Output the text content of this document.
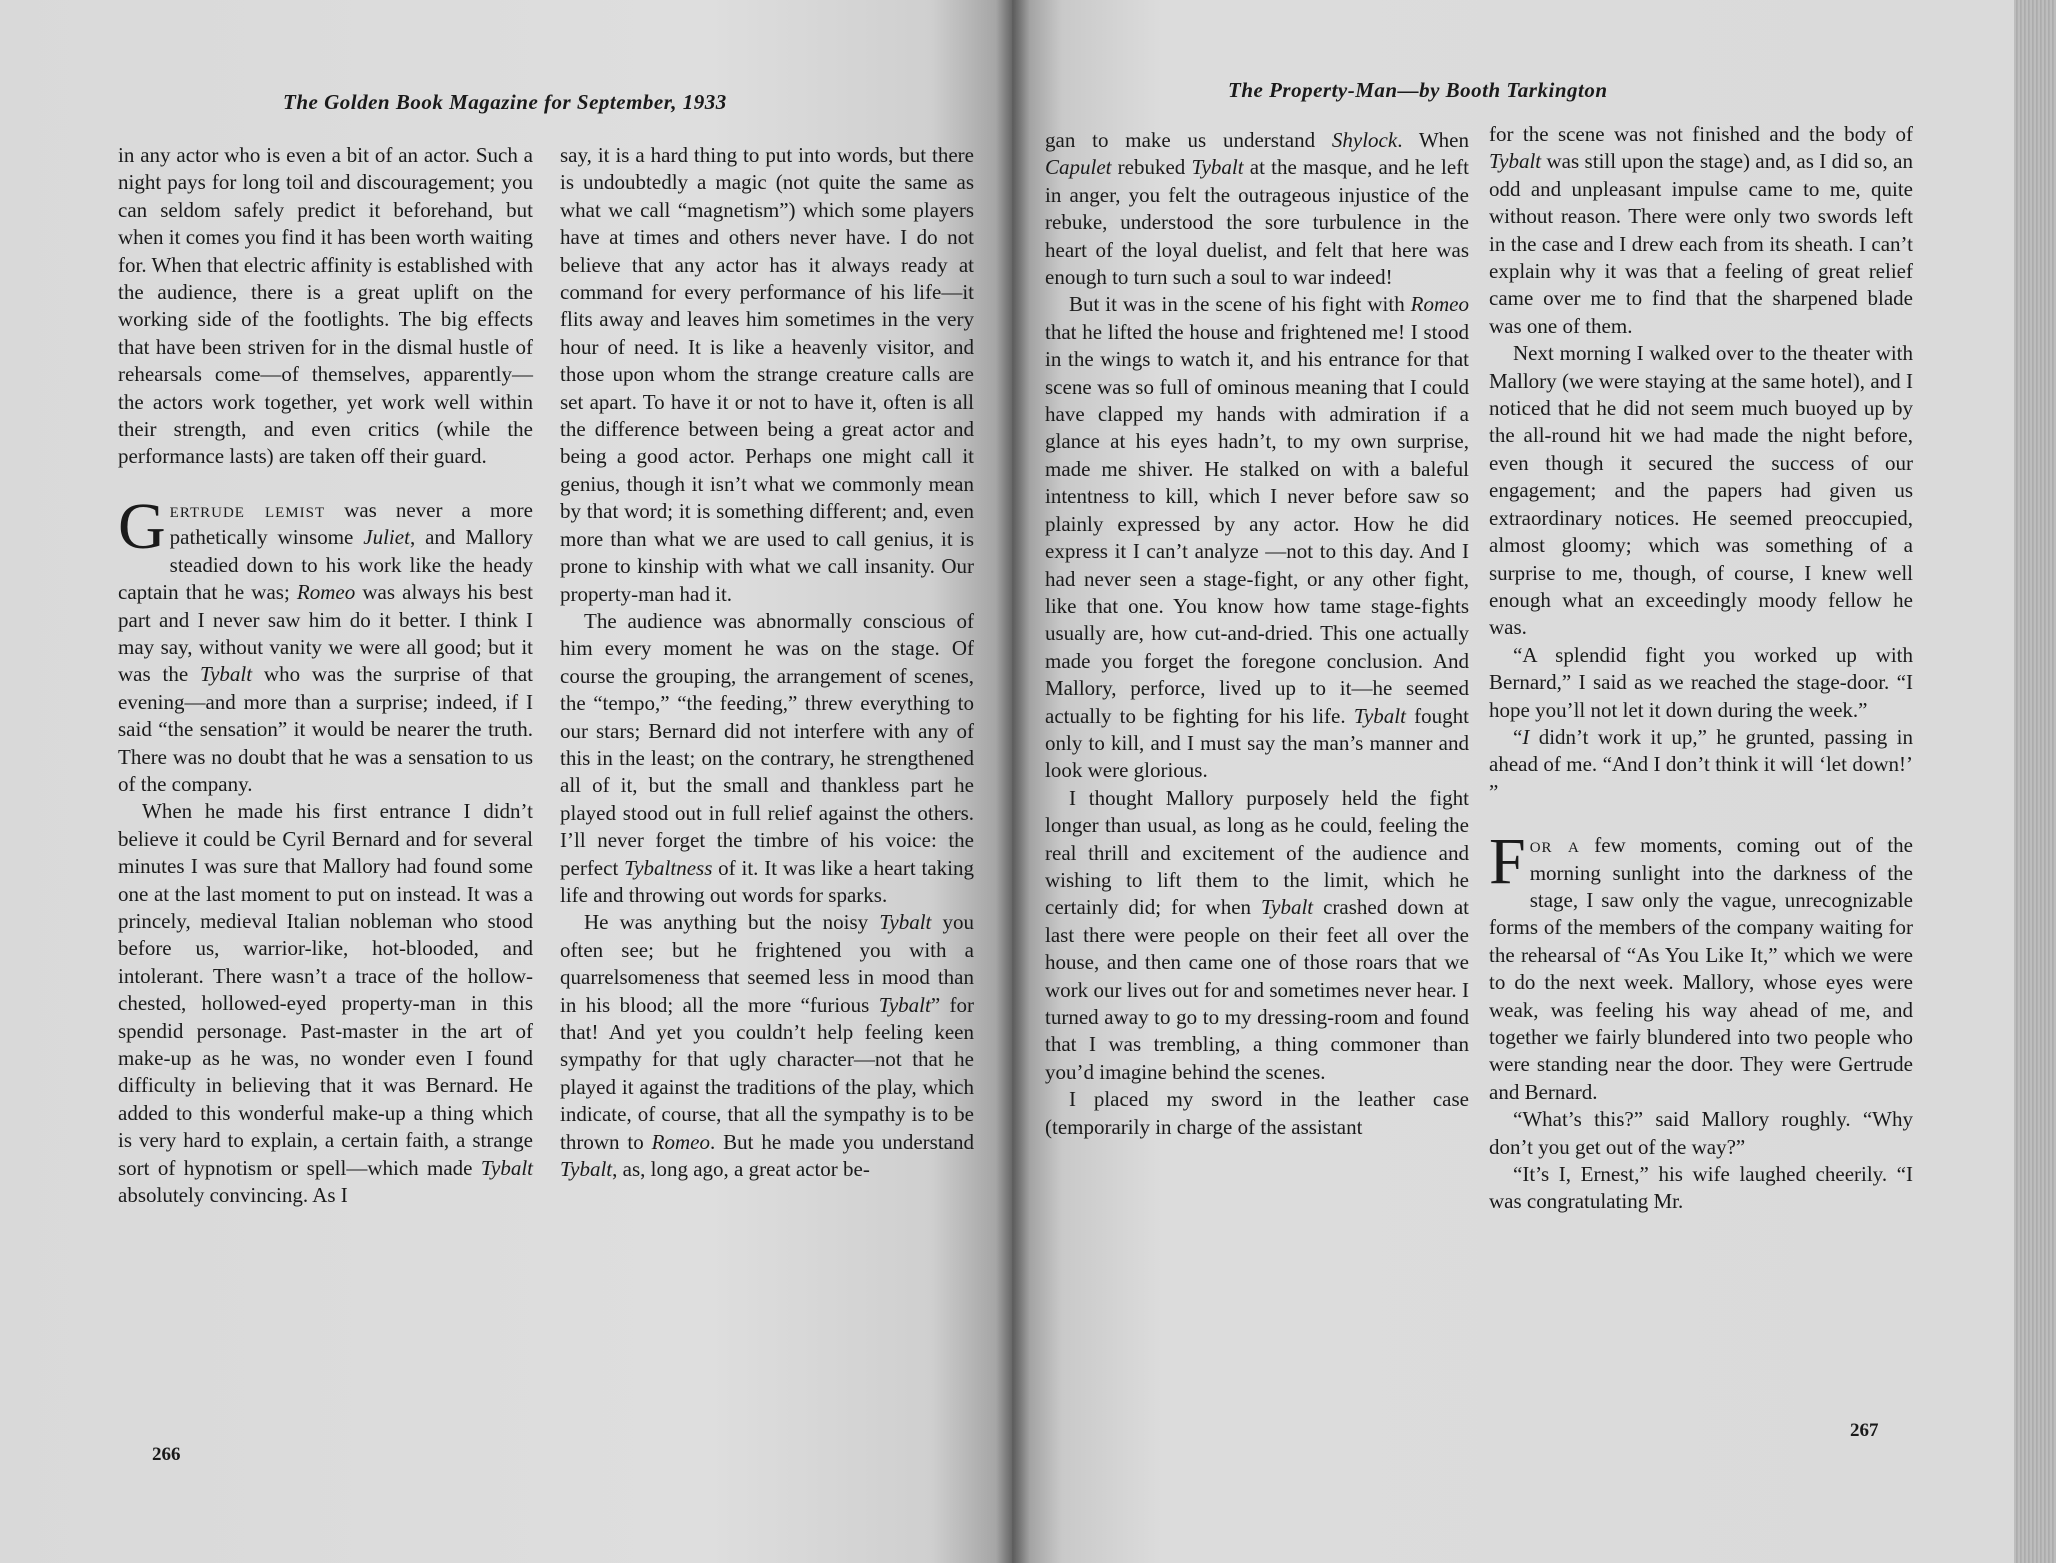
The Golden Book Magazine for September, 1933

in any actor who is even a bit of an actor. Such a night pays for long toil and discouragement; you can seldom safely predict it beforehand, but when it comes you find it has been worth waiting for. When that electric affinity is established with the audience, there is a great uplift on the working side of the footlights. The big effects that have been striven for in the dismal hustle of rehearsals come—of themselves, apparently—the actors work together, yet work well within their strength, and even critics (while the performance lasts) are taken off their guard.

Gertrude lemist was never a more pathetically winsome Juliet, and Mallory steadied down to his work like the heady captain that he was; Romeo was always his best part and I never saw him do it better. I think I may say, without vanity we were all good; but it was the Tybalt who was the surprise of that evening—and more than a surprise; indeed, if I said “the sensation” it would be nearer the truth. There was no doubt that he was a sensation to us of the company.

When he made his first entrance I didn’t believe it could be Cyril Bernard and for several minutes I was sure that Mallory had found some one at the last moment to put on instead. It was a princely, medieval Italian nobleman who stood before us, warrior-like, hot-blooded, and intolerant. There wasn’t a trace of the hollow-chested, hollowed-eyed property-man in this spendid personage. Past-master in the art of make-up as he was, no wonder even I found difficulty in believing that it was Bernard. He added to this wonderful make-up a thing which is very hard to explain, a certain faith, a strange sort of hypnotism or spell—which made Tybalt absolutely convincing. As I

say, it is a hard thing to put into words, but there is undoubtedly a magic (not quite the same as what we call “magnetism”) which some players have at times and others never have. I do not believe that any actor has it always ready at command for every performance of his life—it flits away and leaves him sometimes in the very hour of need. It is like a heavenly visitor, and those upon whom the strange creature calls are set apart. To have it or not to have it, often is all the difference between being a great actor and being a good actor. Perhaps one might call it genius, though it isn’t what we commonly mean by that word; it is something different; and, even more than what we are used to call genius, it is prone to kinship with what we call insanity. Our property-man had it.

The audience was abnormally conscious of him every moment he was on the stage. Of course the grouping, the arrangement of scenes, the “tempo,” “the feeding,” threw everything to our stars; Bernard did not interfere with any of this in the least; on the contrary, he strengthened all of it, but the small and thankless part he played stood out in full relief against the others. I’ll never forget the timbre of his voice: the perfect Tybaltness of it. It was like a heart taking life and throwing out words for sparks.

He was anything but the noisy Tybalt you often see; but he frightened you with a quarrelsomeness that seemed less in mood than in his blood; all the more “furious Tybalt” for that! And yet you couldn’t help feeling keen sympathy for that ugly character—not that he played it against the traditions of the play, which indicate, of course, that all the sympathy is to be thrown to Romeo. But he made you understand Tybalt, as, long ago, a great actor be-

266
The Property-Man—by Booth Tarkington

gan to make us understand Shylock. When Capulet rebuked Tybalt at the masque, and he left in anger, you felt the outrageous injustice of the rebuke, understood the sore turbulence in the heart of the loyal duelist, and felt that here was enough to turn such a soul to war indeed!

But it was in the scene of his fight with Romeo that he lifted the house and frightened me! I stood in the wings to watch it, and his entrance for that scene was so full of ominous meaning that I could have clapped my hands with admiration if a glance at his eyes hadn’t, to my own surprise, made me shiver. He stalked on with a baleful intentness to kill, which I never before saw so plainly expressed by any actor. How he did express it I can’t analyze —not to this day. And I had never seen a stage-fight, or any other fight, like that one. You know how tame stage-fights usually are, how cut-and-dried. This one actually made you forget the foregone conclusion. And Mallory, perforce, lived up to it—he seemed actually to be fighting for his life. Tybalt fought only to kill, and I must say the man’s manner and look were glorious.

I thought Mallory purposely held the fight longer than usual, as long as he could, feeling the real thrill and excitement of the audience and wishing to lift them to the limit, which he certainly did; for when Tybalt crashed down at last there were people on their feet all over the house, and then came one of those roars that we work our lives out for and sometimes never hear. I turned away to go to my dressing-room and found that I was trembling, a thing commoner than you’d imagine behind the scenes.

I placed my sword in the leather case (temporarily in charge of the assistant

for the scene was not finished and the body of Tybalt was still upon the stage) and, as I did so, an odd and unpleasant impulse came to me, quite without reason. There were only two swords left in the case and I drew each from its sheath. I can’t explain why it was that a feeling of great relief came over me to find that the sharpened blade was one of them.

Next morning I walked over to the theater with Mallory (we were staying at the same hotel), and I noticed that he did not seem much buoyed up by the all-round hit we had made the night before, even though it secured the success of our engagement; and the papers had given us extraordinary notices. He seemed preoccupied, almost gloomy; which was something of a surprise to me, though, of course, I knew well enough what an exceedingly moody fellow he was.

“A splendid fight you worked up with Bernard,” I said as we reached the stage-door. “I hope you’ll not let it down during the week.”

“I didn’t work it up,” he grunted, passing in ahead of me. “And I don’t think it will ‘let down!’ ”

For a few moments, coming out of the morning sunlight into the darkness of the stage, I saw only the vague, unrecognizable forms of the members of the company waiting for the rehearsal of “As You Like It,” which we were to do the next week. Mallory, whose eyes were weak, was feeling his way ahead of me, and together we fairly blundered into two people who were standing near the door. They were Gertrude and Bernard.

“What’s this?” said Mallory roughly. “Why don’t you get out of the way?”

“It’s I, Ernest,” his wife laughed cheerily. “I was congratulating Mr.

267
